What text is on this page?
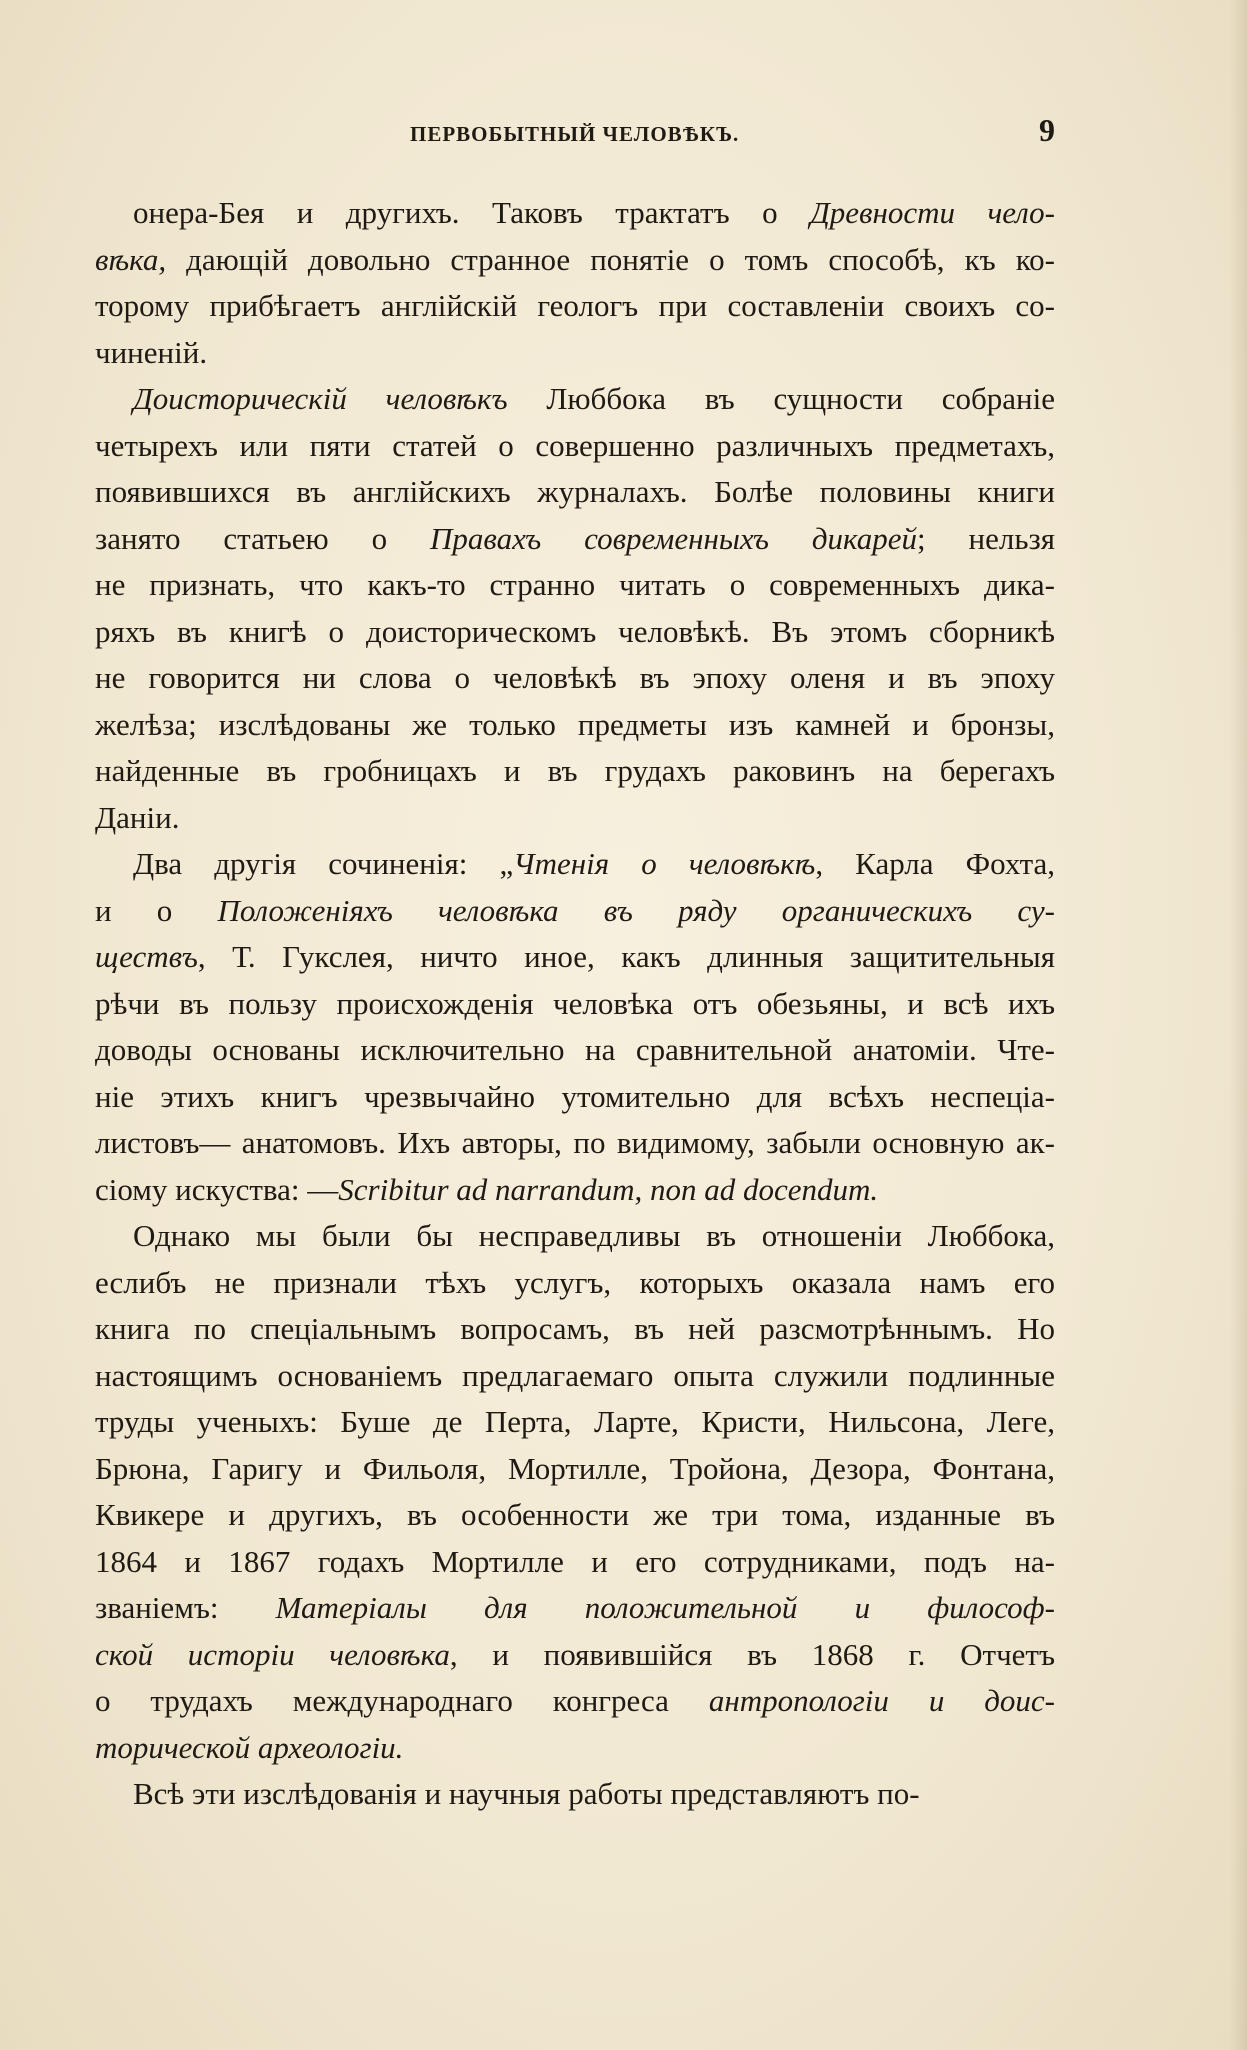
ПЕРВОБЫТНЫЙ ЧЕЛОВѢКЪ.	9
онера-Бея и другихъ. Таковъ трактатъ о Древности чело-
вѣка, дающій довольно странное понятіе о томъ способѣ, къ ко-
торому прибѣгаетъ англійскій геологъ при составленіи своихъ со-
чиненій.
Доисторическій человѣкъ Люббока въ сущности собраніе
четырехъ или пяти статей о совершенно различныхъ предметахъ,
появившихся въ англійскихъ журналахъ. Болѣе половины книги
занято статьею о Правахъ современныхъ дикарей; нельзя
не признать, что какъ-то странно читать о современныхъ дика-
ряхъ въ книгѣ о доисторическомъ человѣкѣ. Въ этомъ сборникѣ
не говорится ни слова о человѣкѣ въ эпоху оленя и въ эпоху
желѣза; изслѣдованы же только предметы изъ камней и бронзы,
найденные въ гробницахъ и въ грудахъ раковинъ на берегахъ
Даніи.
Два другія сочиненія: „Чтенія о человѣкѣ, Карла Фохта,
и о Положеніяхъ человѣка въ ряду органическихъ су-
ществъ, Т. Гукслея, ничто иное, какъ длинныя защитительныя
рѣчи въ пользу происхожденія человѣка отъ обезьяны, и всѣ ихъ
доводы основаны исключительно на сравнительной анатоміи. Чте-
ніе этихъ книгъ чрезвычайно утомительно для всѣхъ неспеціа-
листовъ— анатомовъ. Ихъ авторы, по видимому, забыли основную ак-
сіому искуства: —Scribitur ad narrandum, non ad docendum.
Однако мы были бы несправедливы въ отношеніи Люббока,
еслибъ не признали тѣхъ услугъ, которыхъ оказала намъ его
книга по спеціальнымъ вопросамъ, въ ней разсмотрѣннымъ. Но
настоящимъ основаніемъ предлагаемаго опыта служили подлинные
труды ученыхъ: Буше де Перта, Ларте, Кристи, Нильсона, Леге,
Брюна, Гаригу и Фильоля, Мортилле, Тройона, Дезора, Фонтана,
Квикере и другихъ, въ особенности же три тома, изданные въ
1864 и 1867 годахъ Мортилле и его сотрудниками, подъ на-
званіемъ: Матеріалы для положительной и философ-
ской исторіи человѣка, и появившійся въ 1868 г. Отчетъ
о трудахъ международнаго конгреса антропологіи и доис-
торической археологіи.
Всѣ эти изслѣдованія и научныя работы представляютъ по-
